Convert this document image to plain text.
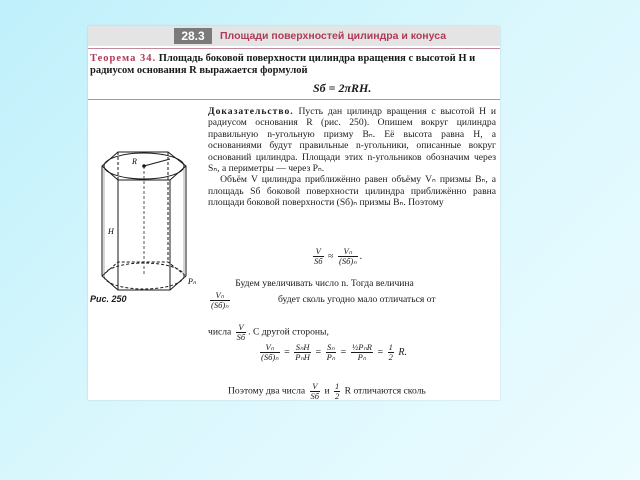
28.3	Площади поверхностей цилиндра и конуса
Теорема 34. Площадь боковой поверхности цилиндра вращения с высотой H и радиусом основания R выражается формулой
Sб = 2πRH.
Доказательство. Пусть дан цилиндр вращения с высотой H и радиусом основания R (рис. 250). Опишем вокруг цилиндра правильную n-угольную призму Bₙ. Её высота равна H, а основаниями будут правильные n-угольники, описанные вокруг оснований цилиндра. Площади этих n-угольников обозначим через Sₙ, а периметры — через Pₙ.
Объём V цилиндра приближённо равен объёму Vₙ призмы Bₙ, а площадь Sб боковой поверхности цилиндра приближённо равна площади боковой поверхности (Sб)ₙ призмы Bₙ. Поэтому
$\frac{V}{Sб} \approx \frac{\text{Vₙ}}{\text{(Sб)ₙ}}$ .
R
H
Pₙ
Рис. 250
Будем увеличивать число n. Тогда величина
$\frac{\text{Vₙ}}{\text{(Sб)ₙ}}$	будет сколь угодно мало отличаться от
числа $\frac{V}{Sб}$ . С другой стороны,
$\frac{\text{Vₙ}}{\text{(Sб)ₙ}} = \frac{\text{SₙH}}{\text{PₙH}} = \frac{\text{Sₙ}}{\text{Pₙ}} = \frac{\text{½PₙR}}{\text{Pₙ}} = \frac{1}{2} R$.
Поэтому два числа $\frac{V}{Sб}$ и $\frac{1}{2}$ R отличаются сколь
